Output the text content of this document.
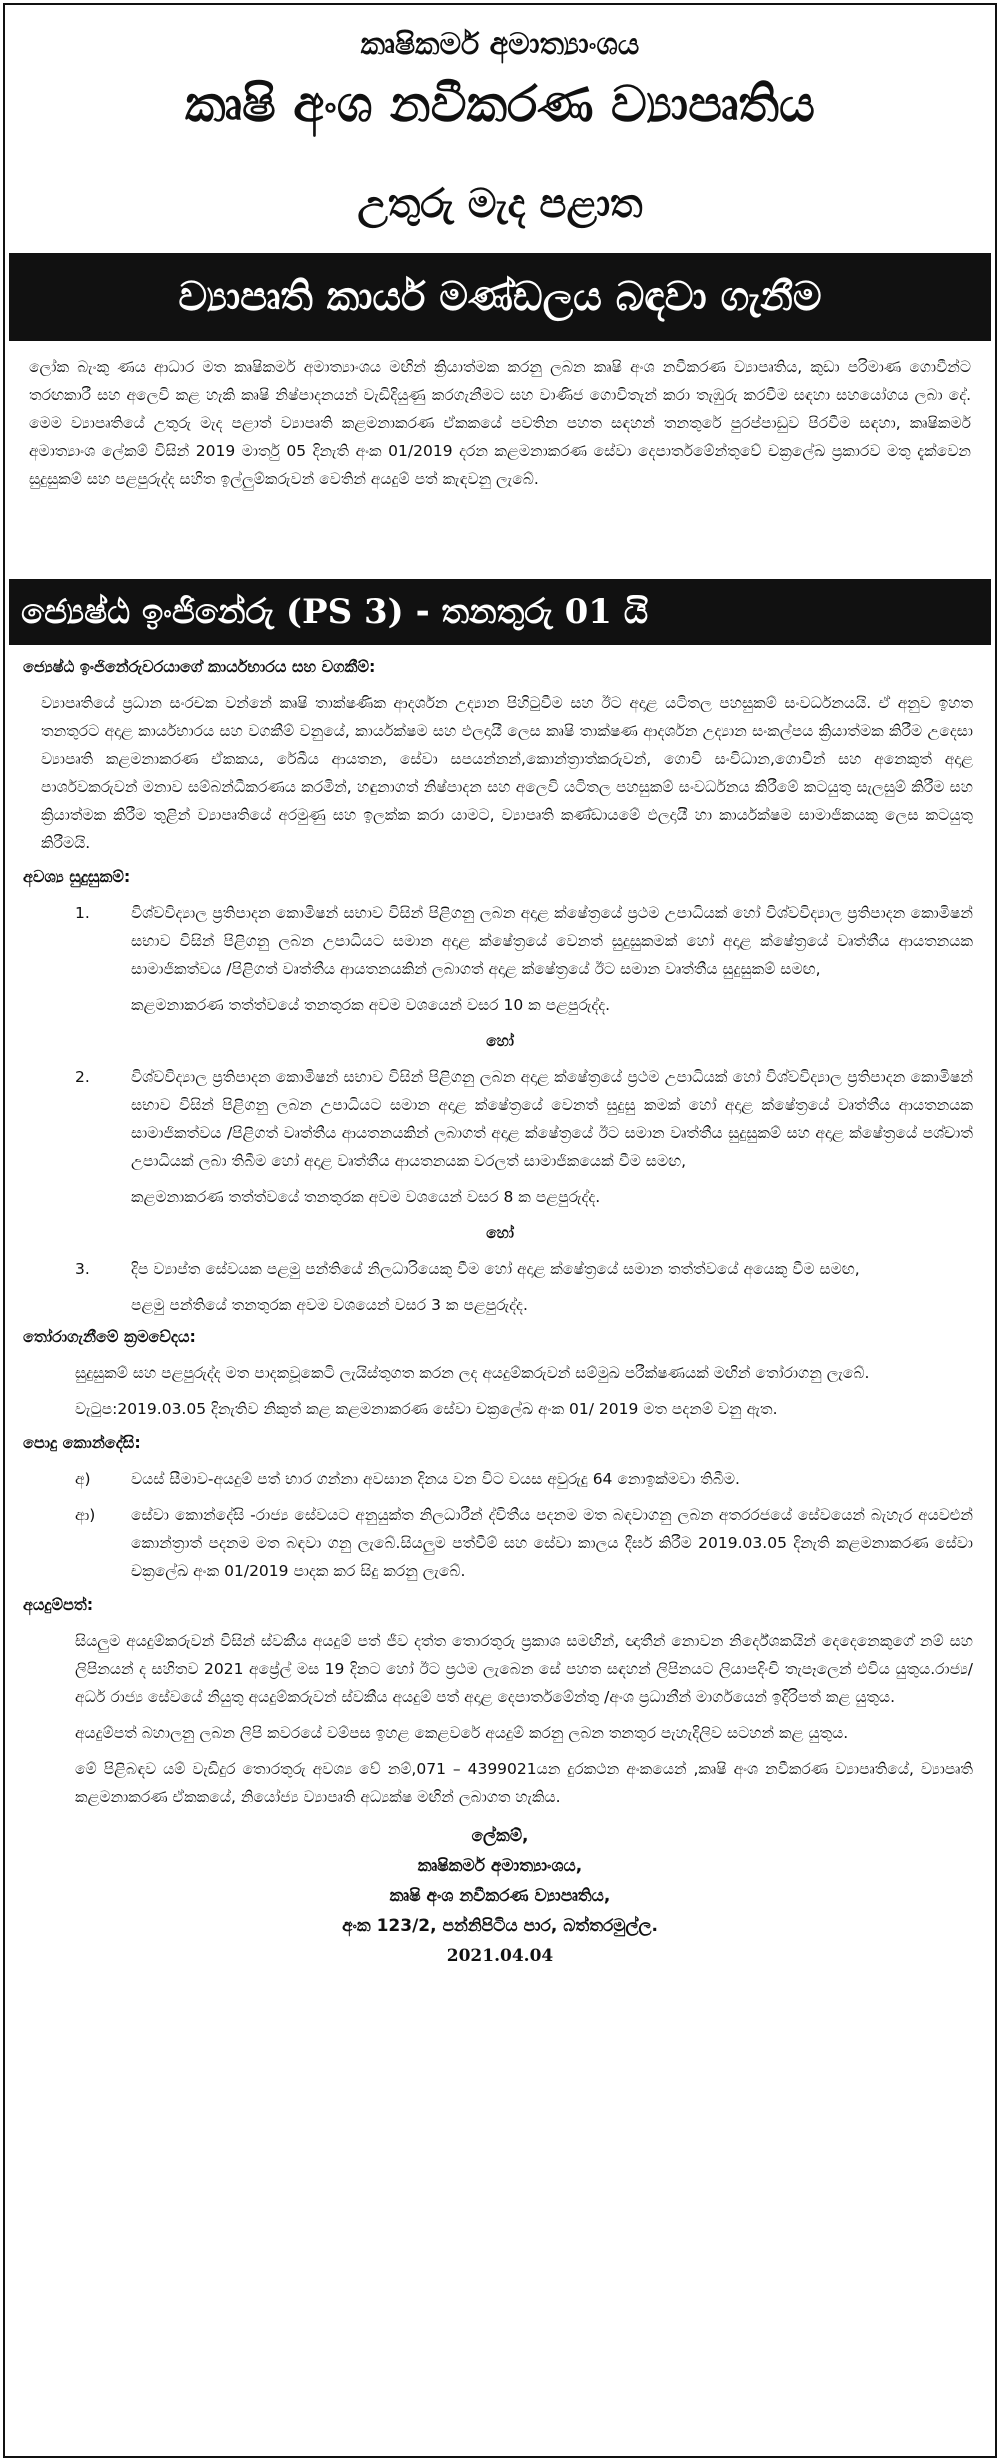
කෘෂිකර්ම අමාත්‍යාංශය
කෘෂි අංශ නවීකරණ ව්‍යාපෘතිය
උතුරු මැද පළාත
ව්‍යාපෘති කාර්ය මණ්ඩලය බඳවා ගැනීම
ලෝක බැංකු ණය ආධාර මත කෘෂිකර්ම අමාත්‍යාංශය මඟින් ක්‍රියාත්මක කරනු ලබන කෘෂි අංශ නවීකරණ ව්‍යාපෘතිය, කුඩා පරිමාණ ගොවීන්ට තරඟකාරී සහ අලෙවි කළ හැකි කෘෂි නිෂ්පාදනයන් වැඩිදියුණු කරගැනීමට සහ වාණිජ ගොවිතැන් කරා තැඹුරු කරවීම සඳහා සහයෝගය ලබා දේ. මෙම ව්‍යාපෘතියේ උතුරු මැද පළාත් ව්‍යාපෘති කළමනාකරණ ඒකකයේ පවතින පහත සඳහන් තනතුරේ පුරප්පාඩුව පිරවීම සඳහා, කෘෂිකර්ම අමාත්‍යාංශ ලේකම් විසින් 2019 මාර්තු 05 දිනැති අංක 01/2019 දරන කළමනාකරණ සේවා දෙපාර්තමේන්තුවේ චක්‍රලේඛ ප්‍රකාරව මතු දැක්වෙන සුදුසුකම් සහ පළපුරුද්ද සහිත ඉල්ලුම්කරුවන් වෙතින් අයදුම් පත් කැඳවනු ලැබේ.
ජ්‍යෙෂ්ඨ ඉංජිනේරු (PS 3) - තනතුරු 01 යි
ජ්‍යෙෂ්ඨ ඉංජිනේරුවරයාගේ කාර්යභාරය සහ වගකීම්:
ව්‍යාපෘතියේ ප්‍රධාන සංරචක වන්නේ කෘෂි තාක්ෂණික ආදර්ශන උද්‍යාන පිහිටුවීම සහ ඊට අදාළ යටිතල පහසුකම් සංවර්ධනයයි. ඒ අනුව ඉහත තනතුරට අදාළ කාර්යභාරය සහ වගකීම් වනුයේ, කාර්යක්ෂම සහ ඵලදායී ලෙස කෘෂි තාක්ෂණ ආදර්ශන උද්‍යාන සංකල්පය ක්‍රියාත්මක කිරීම උදෙසා ව්‍යාපෘති කළමනාකරණ ඒකකය, රේඛීය ආයතන, සේවා සපයන්නන්,කොන්ත්‍රාත්කරුවන්, ගොවි සංවිධාන,ගොවීන් සහ අනෙකුත් අදාළ පාර්ශවකරුවන් මනාව සම්බන්ධීකරණය කරමින්, හඳුනාගත් නිෂ්පාදන සහ අලෙවි යටිතල පහසුකම් සංවර්ධනය කිරීමේ කටයුතු සැලසුම් කිරීම සහ ක්‍රියාත්මක කිරීම තුළින් ව්‍යාපෘතියේ අරමුණු සහ ඉලක්ක කරා යාමට, ව්‍යාපෘති කණ්ඩායමේ ඵලදායී හා කාර්යක්ෂම සාමාජිකයකු ලෙස කටයුතු කිරීමයි.
අවශ්‍ය සුදුසුකම්:
1.	විශ්වවිද්‍යාල ප්‍රතිපාදන කොමිෂන් සභාව විසින් පිළිගනු ලබන අදාළ ක්ෂේත්‍රයේ ප්‍රථම උපාධියක් හෝ විශ්වවිද්‍යාල ප්‍රතිපාදන කොමිෂන් සභාව විසින් පිළිගනු ලබන උපාධියට සමාන අදාළ ක්ෂේත්‍රයේ වෙනත් සුදුසුකමක් හෝ අදාළ ක්ෂේත්‍රයේ වෘත්තීය ආයතනයක සාමාජිකත්වය /පිළිගත් වෘත්තීය ආයතනයකින් ලබාගත් අදාළ ක්ෂේත්‍රයේ ඊට සමාන වෘත්තීය සුදුසුකම් සමඟ,
කළමනාකරණ තත්ත්වයේ තනතුරක අවම වශයෙන් වසර 10 ක පළපුරුද්ද.
හෝ
2.	විශ්වවිද්‍යාල ප්‍රතිපාදන කොමිෂන් සභාව විසින් පිළිගනු ලබන අදාළ ක්ෂේත්‍රයේ ප්‍රථම උපාධියක් හෝ විශ්වවිද්‍යාල ප්‍රතිපාදන කොමිෂන් සභාව විසින් පිළිගනු ලබන උපාධියට සමාන අදාළ ක්ෂේත්‍රයේ වෙනත් සුදුසු කමක් හෝ අදාළ ක්ෂේත්‍රයේ වෘත්තීය ආයතනයක සාමාජිකත්වය /පිළිගත් වෘත්තීය ආයතනයකින් ලබාගත් අදාළ ක්ෂේත්‍රයේ ඊට සමාන වෘත්තීය සුදුසුකම් සහ අදාළ ක්ෂේත්‍රයේ පශ්චාත් උපාධියක් ලබා තිබීම හෝ අදාළ වෘත්තීය ආයතනයක වරලත් සාමාජිකයෙක් වීම සමඟ,
කළමනාකරණ තත්ත්වයේ තනතුරක අවම වශයෙන් වසර 8 ක පළපුරුද්ද.
හෝ
3.	දිප ව්‍යාප්ත සේවයක පළමු පන්තියේ නිලධාරියෙකු වීම හෝ අදාළ ක්ෂේත්‍රයේ සමාන තත්ත්වයේ අයෙකු වීම සමඟ,
පළමු පන්තියේ තනතුරක අවම වශයෙන් වසර 3 ක පළපුරුද්ද.
තෝරාගැනීමේ ක්‍රමවේදය:
සුදුසුකම් සහ පළපුරුද්ද මත පාදකවූකෙටි ලැයිස්තුගත කරන ලද අයදුම්කරුවන් සම්මුඛ පරීක්ෂණයක් මඟින් තෝරාගනු ලැබේ.
වැටුප:2019.03.05 දිනැතිව නිකුත් කළ කළමනාකරණ සේවා චක්‍රලේඛ අංක 01/ 2019 මත පදනම් වනු ඇත.
පොදු කොන්දේසි:
අ)	වයස් සීමාව-අයදුම් පත් භාර ගන්නා අවසාන දිනය වන විට වයස අවුරුදු 64 නොඉක්මවා තිබීම.
ආ)	සේවා කොන්දේසි -රාජ්‍ය සේවයට අනුයුක්ත නිලධාරීන් ද්විතීය පදනම මත බඳවාගනු ලබන අතරරජයේ සේවයෙන් බැහැර අයවළුන් කොන්ත්‍රාත් පදනම මත බඳවා ගනු ලැබේ.සියලුම පත්වීම් සහ සේවා කාලය දීර්ඝ කිරීම 2019.03.05 දිනැති කළමනාකරණ සේවා චක්‍රලේඛ අංක 01/2019 පාදක කර සිදු කරනු ලැබේ.
අයදුම්පත්:
සියලුම අයදුම්කරුවන් විසින් ස්වකීය අයදුම් පත් ජීව දත්ත තොරතුරු ප්‍රකාශ සමඟින්, ඥාතීන් නොවන නිර්දේශකයින් දෙදෙනෙකුගේ නම් සහ ලිපිනයන් ද සහිතව 2021 අප්‍රේල් මස 19 දිනට හෝ ඊට ප්‍රථම ලැබෙන සේ පහත සඳහන් ලිපිනයට ලියාපදිංචි තැපෑලෙන් එවිය යුතුය.රාජ්‍ය/අර්ධ රාජ්‍ය සේවයේ නියුතු අයදුම්කරුවන් ස්වකීය අයදුම් පත් අදාළ දෙපාර්තමේන්තු /අංශ ප්‍රධානීන් මාර්ගයෙන් ඉදිරිපත් කළ යුතුය.
අයදුම්පත් බහාලනු ලබන ලිපි කවරයේ වම්පස ඉහළ කෙළවරේ අයදුම් කරනු ලබන තනතුර පැහැදිලිව සටහන් කළ යුතුය.
මේ පිළිබඳව යම් වැඩිදුර තොරතුරු අවශ්‍ය වේ නම්,071 – 4399021යන දුරකථන අංකයෙන් ,කෘෂි අංශ නවීකරණ ව්‍යාපෘතියේ, ව්‍යාපෘති කළමනාකරණ ඒකකයේ, නියෝජ්‍ය ව්‍යාපෘති අධ්‍යක්ෂ මඟින් ලබාගත හැකිය.
ලේකම්,
කෘෂිකර්ම අමාත්‍යාංශය,
කෘෂි අංශ නවීකරණ ව්‍යාපෘතිය,
අංක 123/2, පන්නිපිටිය පාර, බත්තරමුල්ල.
2021.04.04
